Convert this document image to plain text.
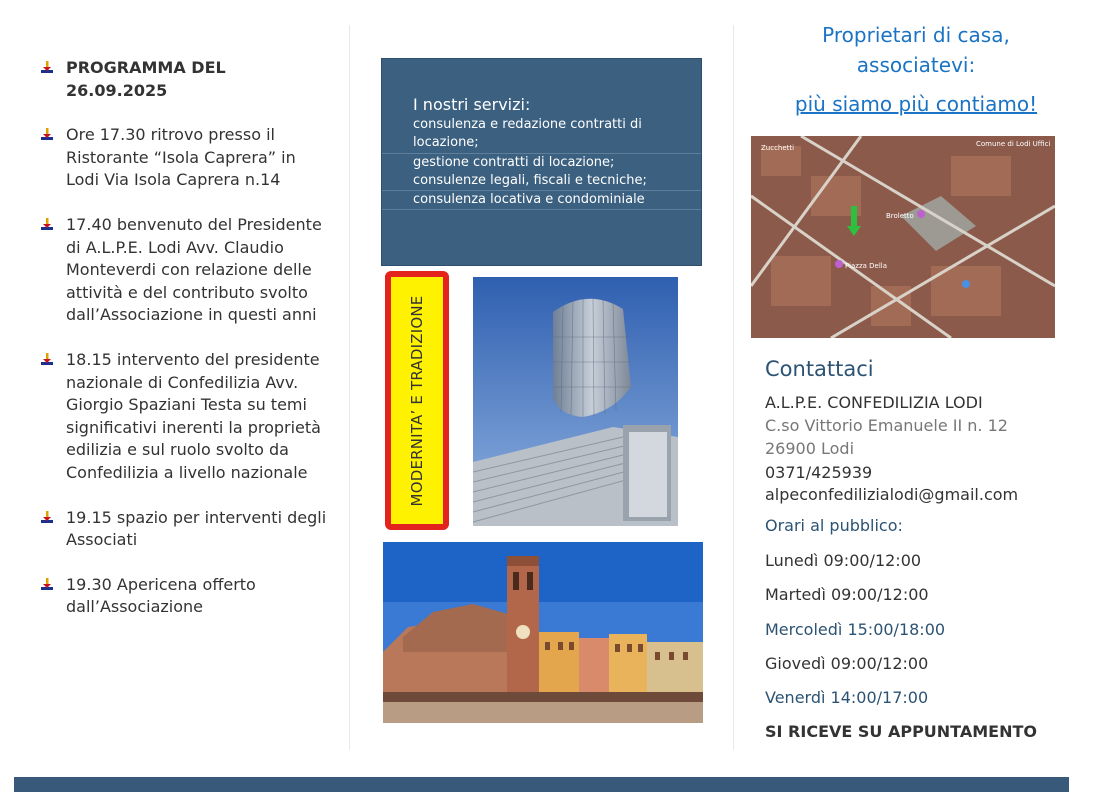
PROGRAMMA DEL 26.09.2025
Ore 17.30 ritrovo presso il Ristorante “Isola Caprera” in Lodi Via Isola Caprera n.14
17.40 benvenuto del Presidente di A.L.P.E. Lodi Avv. Claudio Monteverdi con relazione delle attività e del contributo svolto dall’Associazione in questi anni
18.15 intervento del presidente nazionale di Confedilizia Avv. Giorgio Spaziani Testa su temi significativi inerenti la proprietà edilizia e sul ruolo svolto da Confedilizia a livello nazionale
19.15 spazio per interventi degli Associati
19.30 Apericena offerto dall’Associazione
I nostri servizi:
consulenza e redazione contratti di
locazione;
gestione contratti di locazione;
consulenze legali, fiscali e tecniche;
consulenza locativa e condominiale
MODERNITA’ E TRADIZIONE
Proprietari di casa,
associatevi:
più siamo più contiamo!
Zucchetti	Comune di Lodi Uffici
Broletto
Piazza Della
Contattaci
A.L.P.E. CONFEDILIZIA LODI
C.so Vittorio Emanuele II n. 12
26900 Lodi
0371/425939
alpeconfedilizialodi@gmail.com
Orari al pubblico:
Lunedì 09:00/12:00
Martedì 09:00/12:00
Mercoledì 15:00/18:00
Giovedì 09:00/12:00
Venerdì 14:00/17:00
SI RICEVE SU APPUNTAMENTO
